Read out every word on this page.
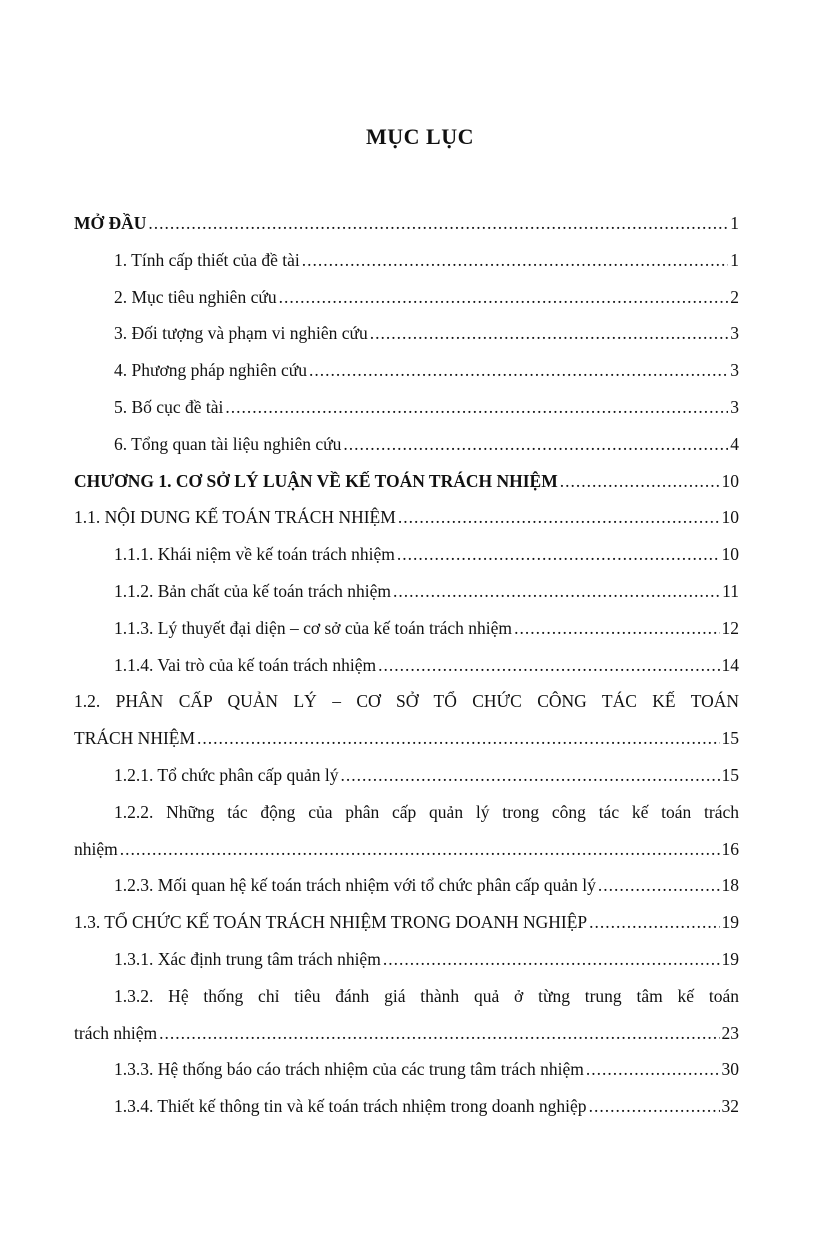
MỤC LỤC
MỞ ĐẦU .....	1
1. Tính cấp thiết của đề tài .....	1
2. Mục tiêu nghiên cứu .....	2
3. Đối tượng và phạm vi nghiên cứu .....	3
4. Phương pháp nghiên cứu .....	3
5. Bố cục đề tài .....	3
6. Tổng quan tài liệu nghiên cứu .....	4
CHƯƠNG 1. CƠ SỞ LÝ LUẬN VỀ KẾ TOÁN TRÁCH NHIỆM .....	10
1.1. NỘI DUNG KẾ TOÁN TRÁCH NHIỆM .....	10
1.1.1. Khái niệm về kế toán trách nhiệm .....	10
1.1.2. Bản chất của kế toán trách nhiệm .....	11
1.1.3. Lý thuyết đại diện – cơ sở của kế toán trách nhiệm .....	12
1.1.4. Vai trò của kế toán trách nhiệm .....	14
1.2. PHÂN CẤP QUẢN LÝ – CƠ SỞ TỔ CHỨC CÔNG TÁC KẾ TOÁN
TRÁCH NHIỆM .....	15
1.2.1. Tổ chức phân cấp quản lý .....	15
1.2.2. Những tác động của phân cấp quản lý trong công tác kế toán trách
nhiệm .....	16
1.2.3. Mối quan hệ kế toán trách nhiệm với tổ chức phân cấp quản lý .....	18
1.3. TỔ CHỨC KẾ TOÁN TRÁCH NHIỆM TRONG DOANH NGHIỆP .....	19
1.3.1. Xác định trung tâm trách nhiệm .....	19
1.3.2. Hệ thống chỉ tiêu đánh giá thành quả ở từng trung tâm kế toán
trách nhiệm .....	23
1.3.3. Hệ thống báo cáo trách nhiệm của các trung tâm trách nhiệm .....	30
1.3.4. Thiết kế thông tin và kế toán trách nhiệm trong doanh nghiệp .....	32
